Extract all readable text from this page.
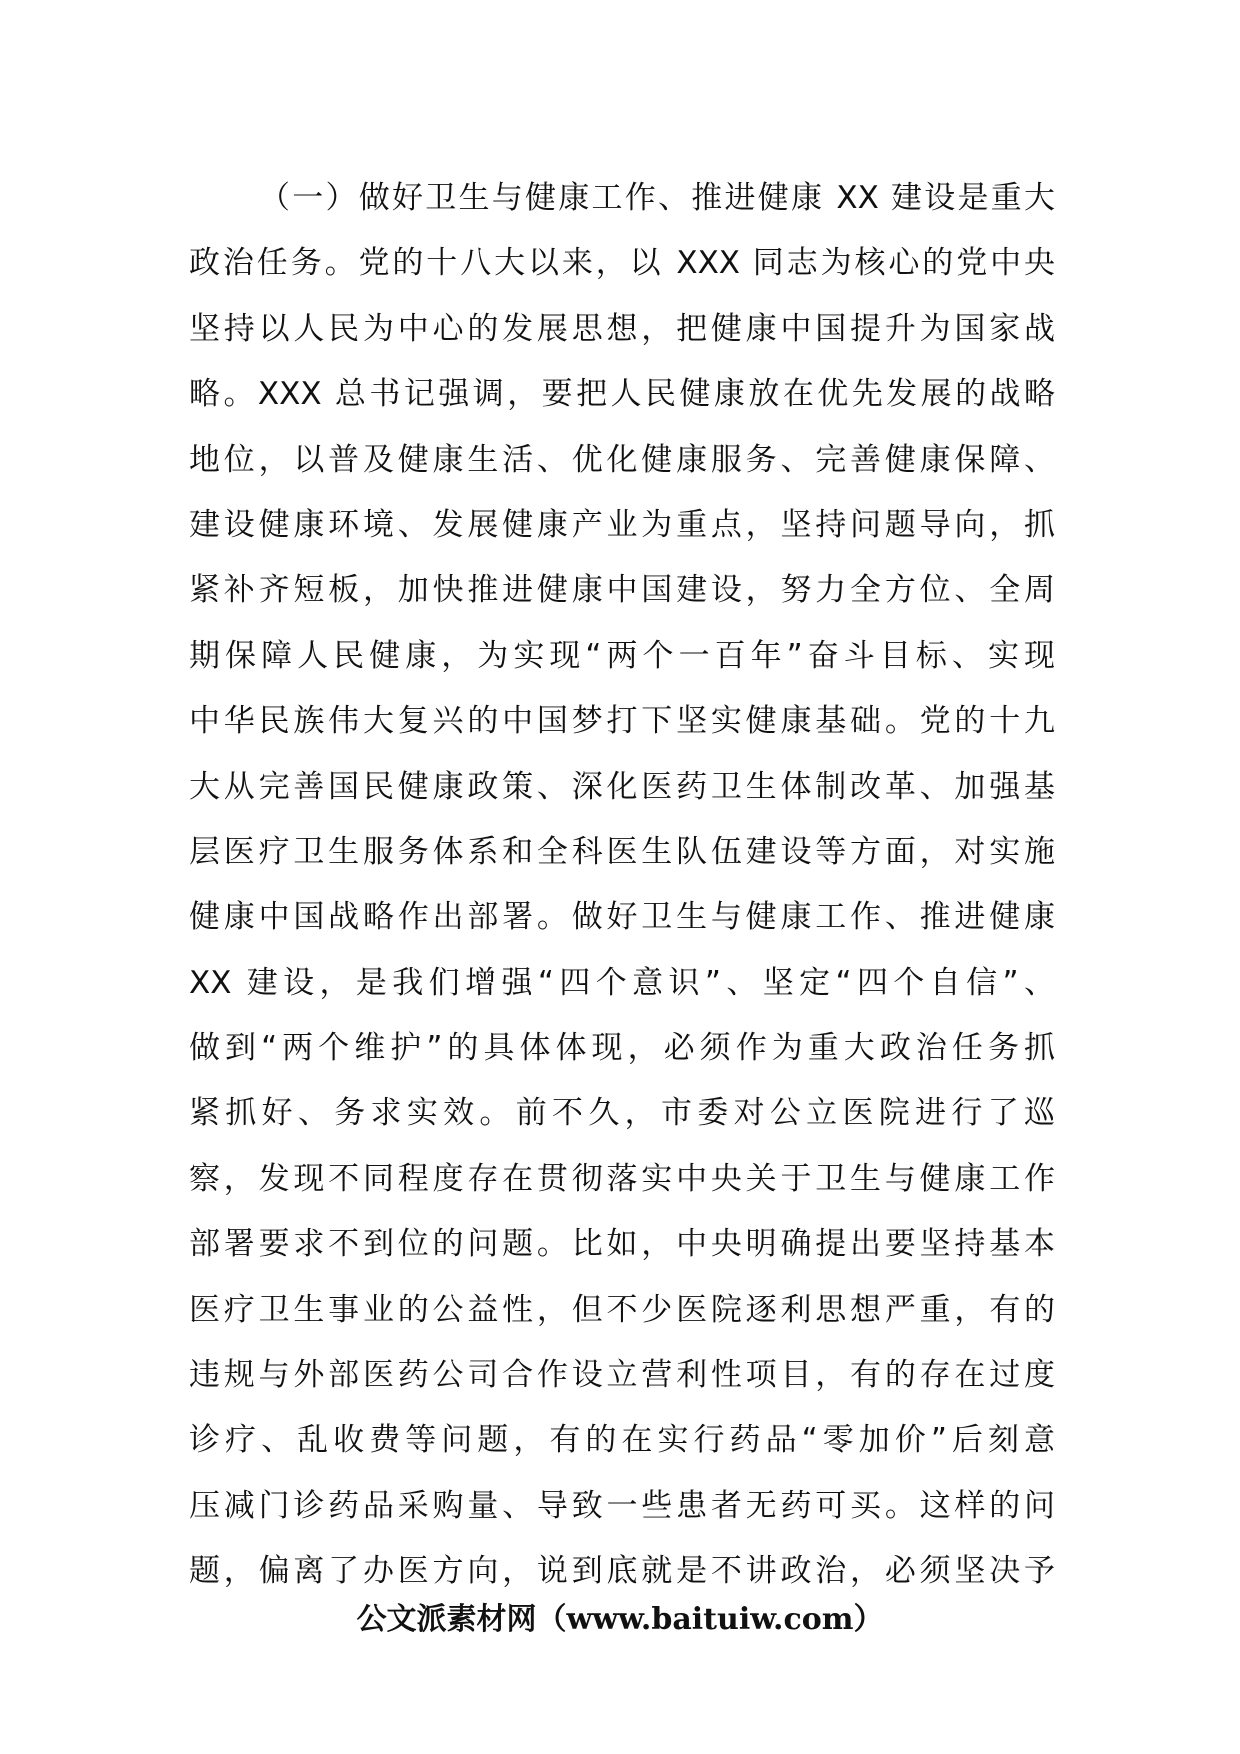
（一）做好卫生与健康工作、推进健康 XX 建设是重大
政治任务。党的十八大以来，以 XXX 同志为核心的党中央
坚持以人民为中心的发展思想，把健康中国提升为国家战
略。XXX 总书记强调，要把人民健康放在优先发展的战略
地位，以普及健康生活、优化健康服务、完善健康保障、
建设健康环境、发展健康产业为重点，坚持问题导向，抓
紧补齐短板，加快推进健康中国建设，努力全方位、全周
期保障人民健康，为实现“两个一百年”奋斗目标、实现
中华民族伟大复兴的中国梦打下坚实健康基础。党的十九
大从完善国民健康政策、深化医药卫生体制改革、加强基
层医疗卫生服务体系和全科医生队伍建设等方面，对实施
健康中国战略作出部署。做好卫生与健康工作、推进健康
XX 建设，是我们增强“四个意识”、坚定“四个自信”、
做到“两个维护”的具体体现，必须作为重大政治任务抓
紧抓好、务求实效。前不久，市委对公立医院进行了巡
察，发现不同程度存在贯彻落实中央关于卫生与健康工作
部署要求不到位的问题。比如，中央明确提出要坚持基本
医疗卫生事业的公益性，但不少医院逐利思想严重，有的
违规与外部医药公司合作设立营利性项目，有的存在过度
诊疗、乱收费等问题，有的在实行药品“零加价”后刻意
压减门诊药品采购量、导致一些患者无药可买。这样的问
题，偏离了办医方向，说到底就是不讲政治，必须坚决予
公文派素材网（www.baituiw.com）
